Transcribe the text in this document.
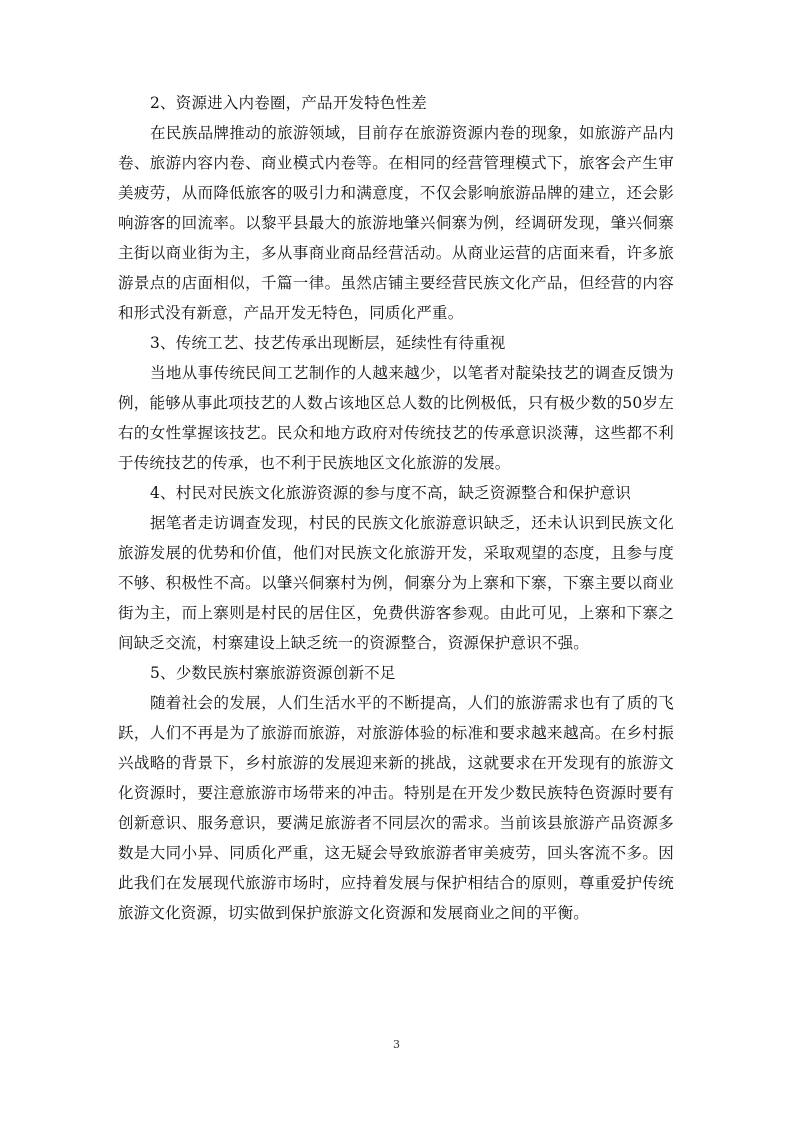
2、资源进入内卷圈，产品开发特色性差

在民族品牌推动的旅游领域，目前存在旅游资源内卷的现象，如旅游产品内卷、旅游内容内卷、商业模式内卷等。在相同的经营管理模式下，旅客会产生审美疲劳，从而降低旅客的吸引力和满意度，不仅会影响旅游品牌的建立，还会影响游客的回流率。以黎平县最大的旅游地肇兴侗寨为例，经调研发现，肇兴侗寨主街以商业街为主，多从事商业商品经营活动。从商业运营的店面来看，许多旅游景点的店面相似，千篇一律。虽然店铺主要经营民族文化产品，但经营的内容和形式没有新意，产品开发无特色，同质化严重。

3、传统工艺、技艺传承出现断层，延续性有待重视

当地从事传统民间工艺制作的人越来越少，以笔者对靛染技艺的调查反馈为例，能够从事此项技艺的人数占该地区总人数的比例极低，只有极少数的50岁左右的女性掌握该技艺。民众和地方政府对传统技艺的传承意识淡薄，这些都不利于传统技艺的传承，也不利于民族地区文化旅游的发展。

4、村民对民族文化旅游资源的参与度不高，缺乏资源整合和保护意识

据笔者走访调查发现，村民的民族文化旅游意识缺乏，还未认识到民族文化旅游发展的优势和价值，他们对民族文化旅游开发，采取观望的态度，且参与度不够、积极性不高。以肇兴侗寨村为例，侗寨分为上寨和下寨，下寨主要以商业街为主，而上寨则是村民的居住区，免费供游客参观。由此可见，上寨和下寨之间缺乏交流，村寨建设上缺乏统一的资源整合，资源保护意识不强。

5、少数民族村寨旅游资源创新不足

随着社会的发展，人们生活水平的不断提高，人们的旅游需求也有了质的飞跃，人们不再是为了旅游而旅游，对旅游体验的标准和要求越来越高。在乡村振兴战略的背景下，乡村旅游的发展迎来新的挑战，这就要求在开发现有的旅游文化资源时，要注意旅游市场带来的冲击。特别是在开发少数民族特色资源时要有创新意识、服务意识，要满足旅游者不同层次的需求。当前该县旅游产品资源多数是大同小异、同质化严重，这无疑会导致旅游者审美疲劳，回头客流不多。因此我们在发展现代旅游市场时，应持着发展与保护相结合的原则，尊重爱护传统旅游文化资源，切实做到保护旅游文化资源和发展商业之间的平衡。

3
